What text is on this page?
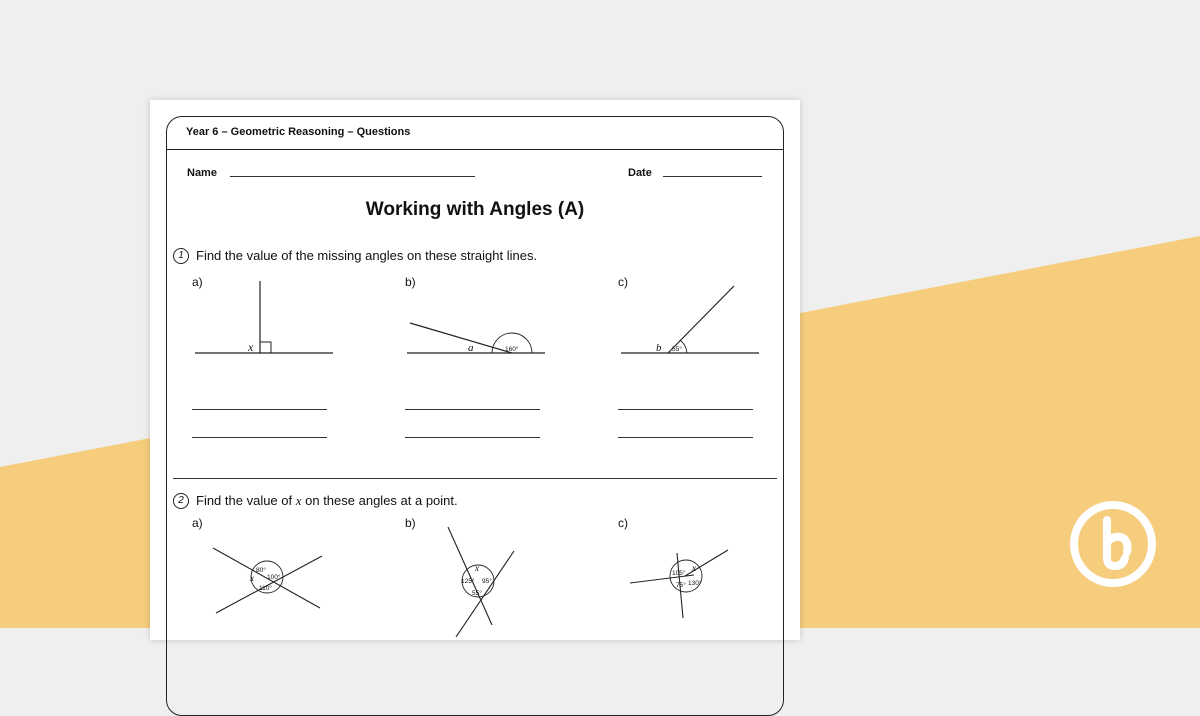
Year 6 – Geometric Reasoning – Questions
Name	Date
Working with Angles (A)
1 Find the value of the missing angles on these straight lines.
a)	b)	c)
x	a	160°	b 55°
2 Find the value of x on these angles at a point.
a)	b)	c)
80°
100°
110°
x
x
125° 95°
55°
105°
75° 130°
x
